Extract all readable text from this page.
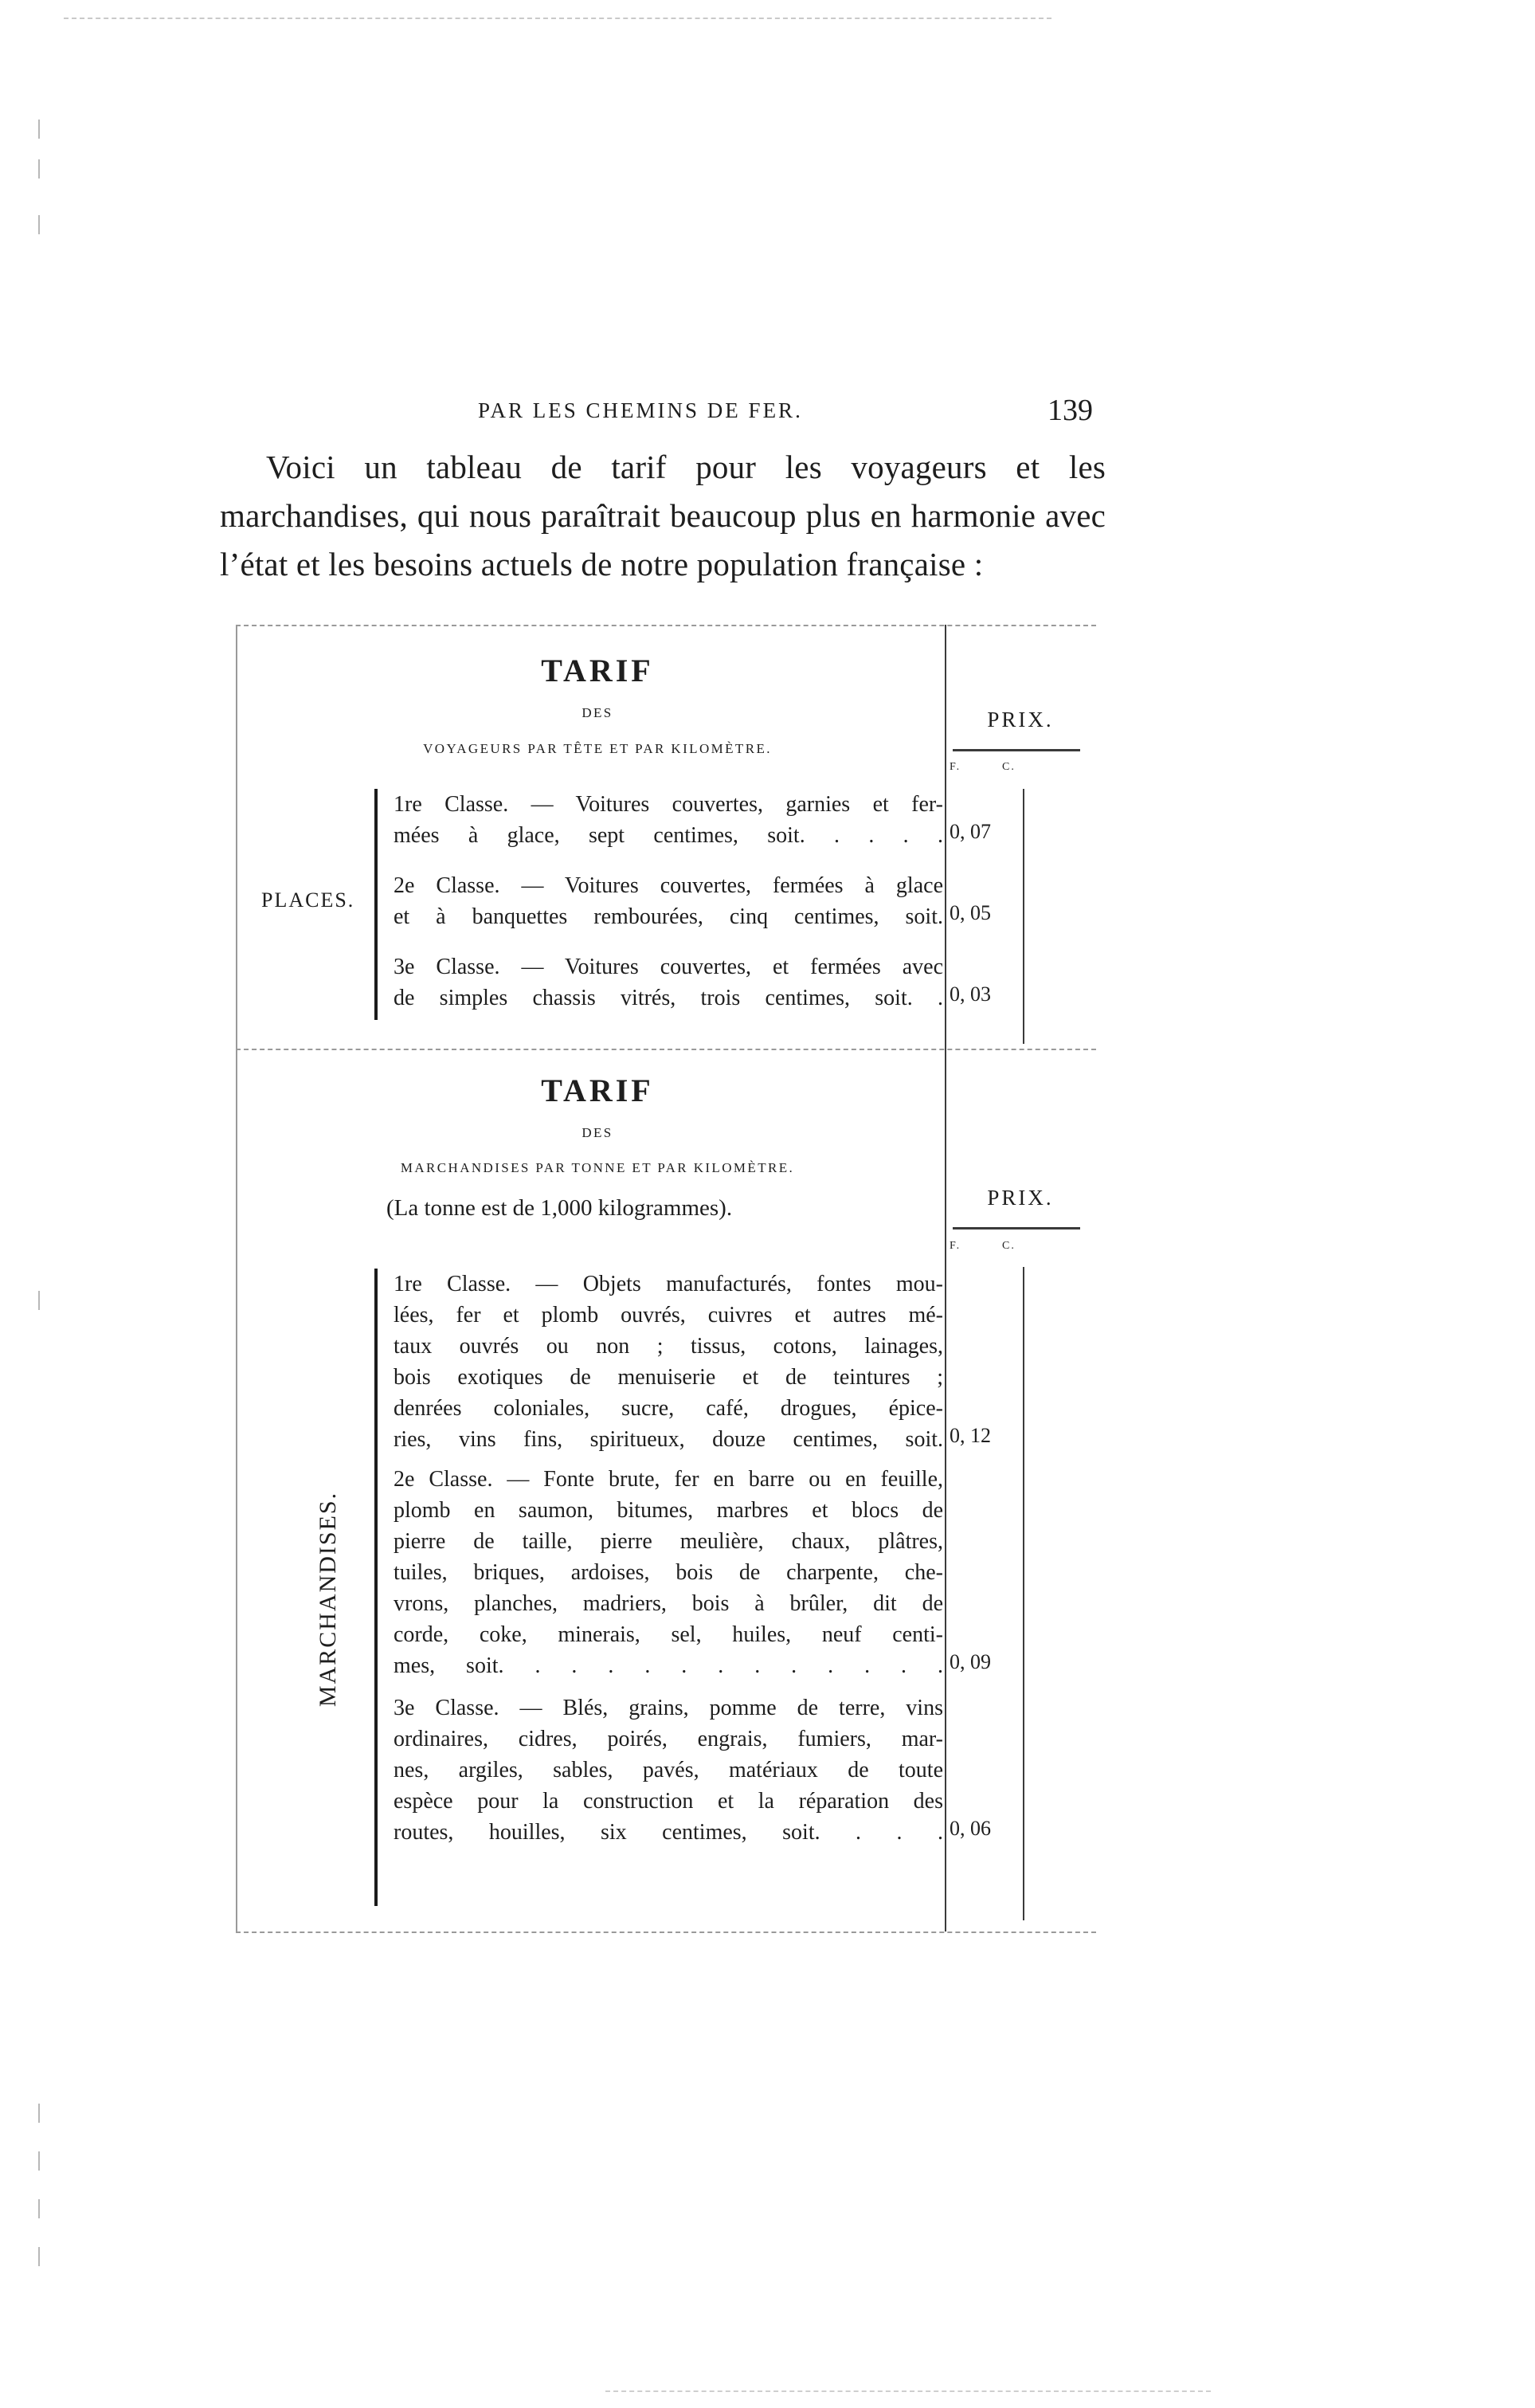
PAR LES CHEMINS DE FER.	139
Voici un tableau de tarif pour les voyageurs et les marchandises, qui nous paraîtrait beaucoup plus en harmonie avec l’état et les besoins actuels de notre population française :
TARIF
DES
VOYAGEURS PAR TÊTE ET PAR KILOMÈTRE.
PRIX.
F.	C.
PLACES.
1re Classe. — Voitures couvertes, garnies et fer-
mées à glace, sept centimes, soit. . . . . 0, 07
2e Classe. — Voitures couvertes, fermées à glace
et à banquettes rembourées, cinq centimes, soit. 0, 05
3e Classe. — Voitures couvertes, et fermées avec
de simples chassis vitrés, trois centimes, soit. . 0, 03
TARIF
DES
MARCHANDISES PAR TONNE ET PAR KILOMÈTRE.
(La tonne est de 1,000 kilogrammes).	PRIX.
F.	C.
MARCHANDISES.
1re Classe. — Objets manufacturés, fontes mou-
lées, fer et plomb ouvrés, cuivres et autres mé-
taux ouvrés ou non ; tissus, cotons, lainages,
bois exotiques de menuiserie et de teintures ;
denrées coloniales, sucre, café, drogues, épice-
ries, vins fins, spiritueux, douze centimes, soit. 0, 12
2e Classe. — Fonte brute, fer en barre ou en feuille,
plomb en saumon, bitumes, marbres et blocs de
pierre de taille, pierre meulière, chaux, plâtres,
tuiles, briques, ardoises, bois de charpente, che-
vrons, planches, madriers, bois à brûler, dit de
corde, coke, minerais, sel, huiles, neuf centi-
mes, soit. . . . . . . . . . . . . 0, 09
3e Classe. — Blés, grains, pomme de terre, vins
ordinaires, cidres, poirés, engrais, fumiers, mar-
nes, argiles, sables, pavés, matériaux de toute
espèce pour la construction et la réparation des
routes, houilles, six centimes, soit. . . . 0, 06
